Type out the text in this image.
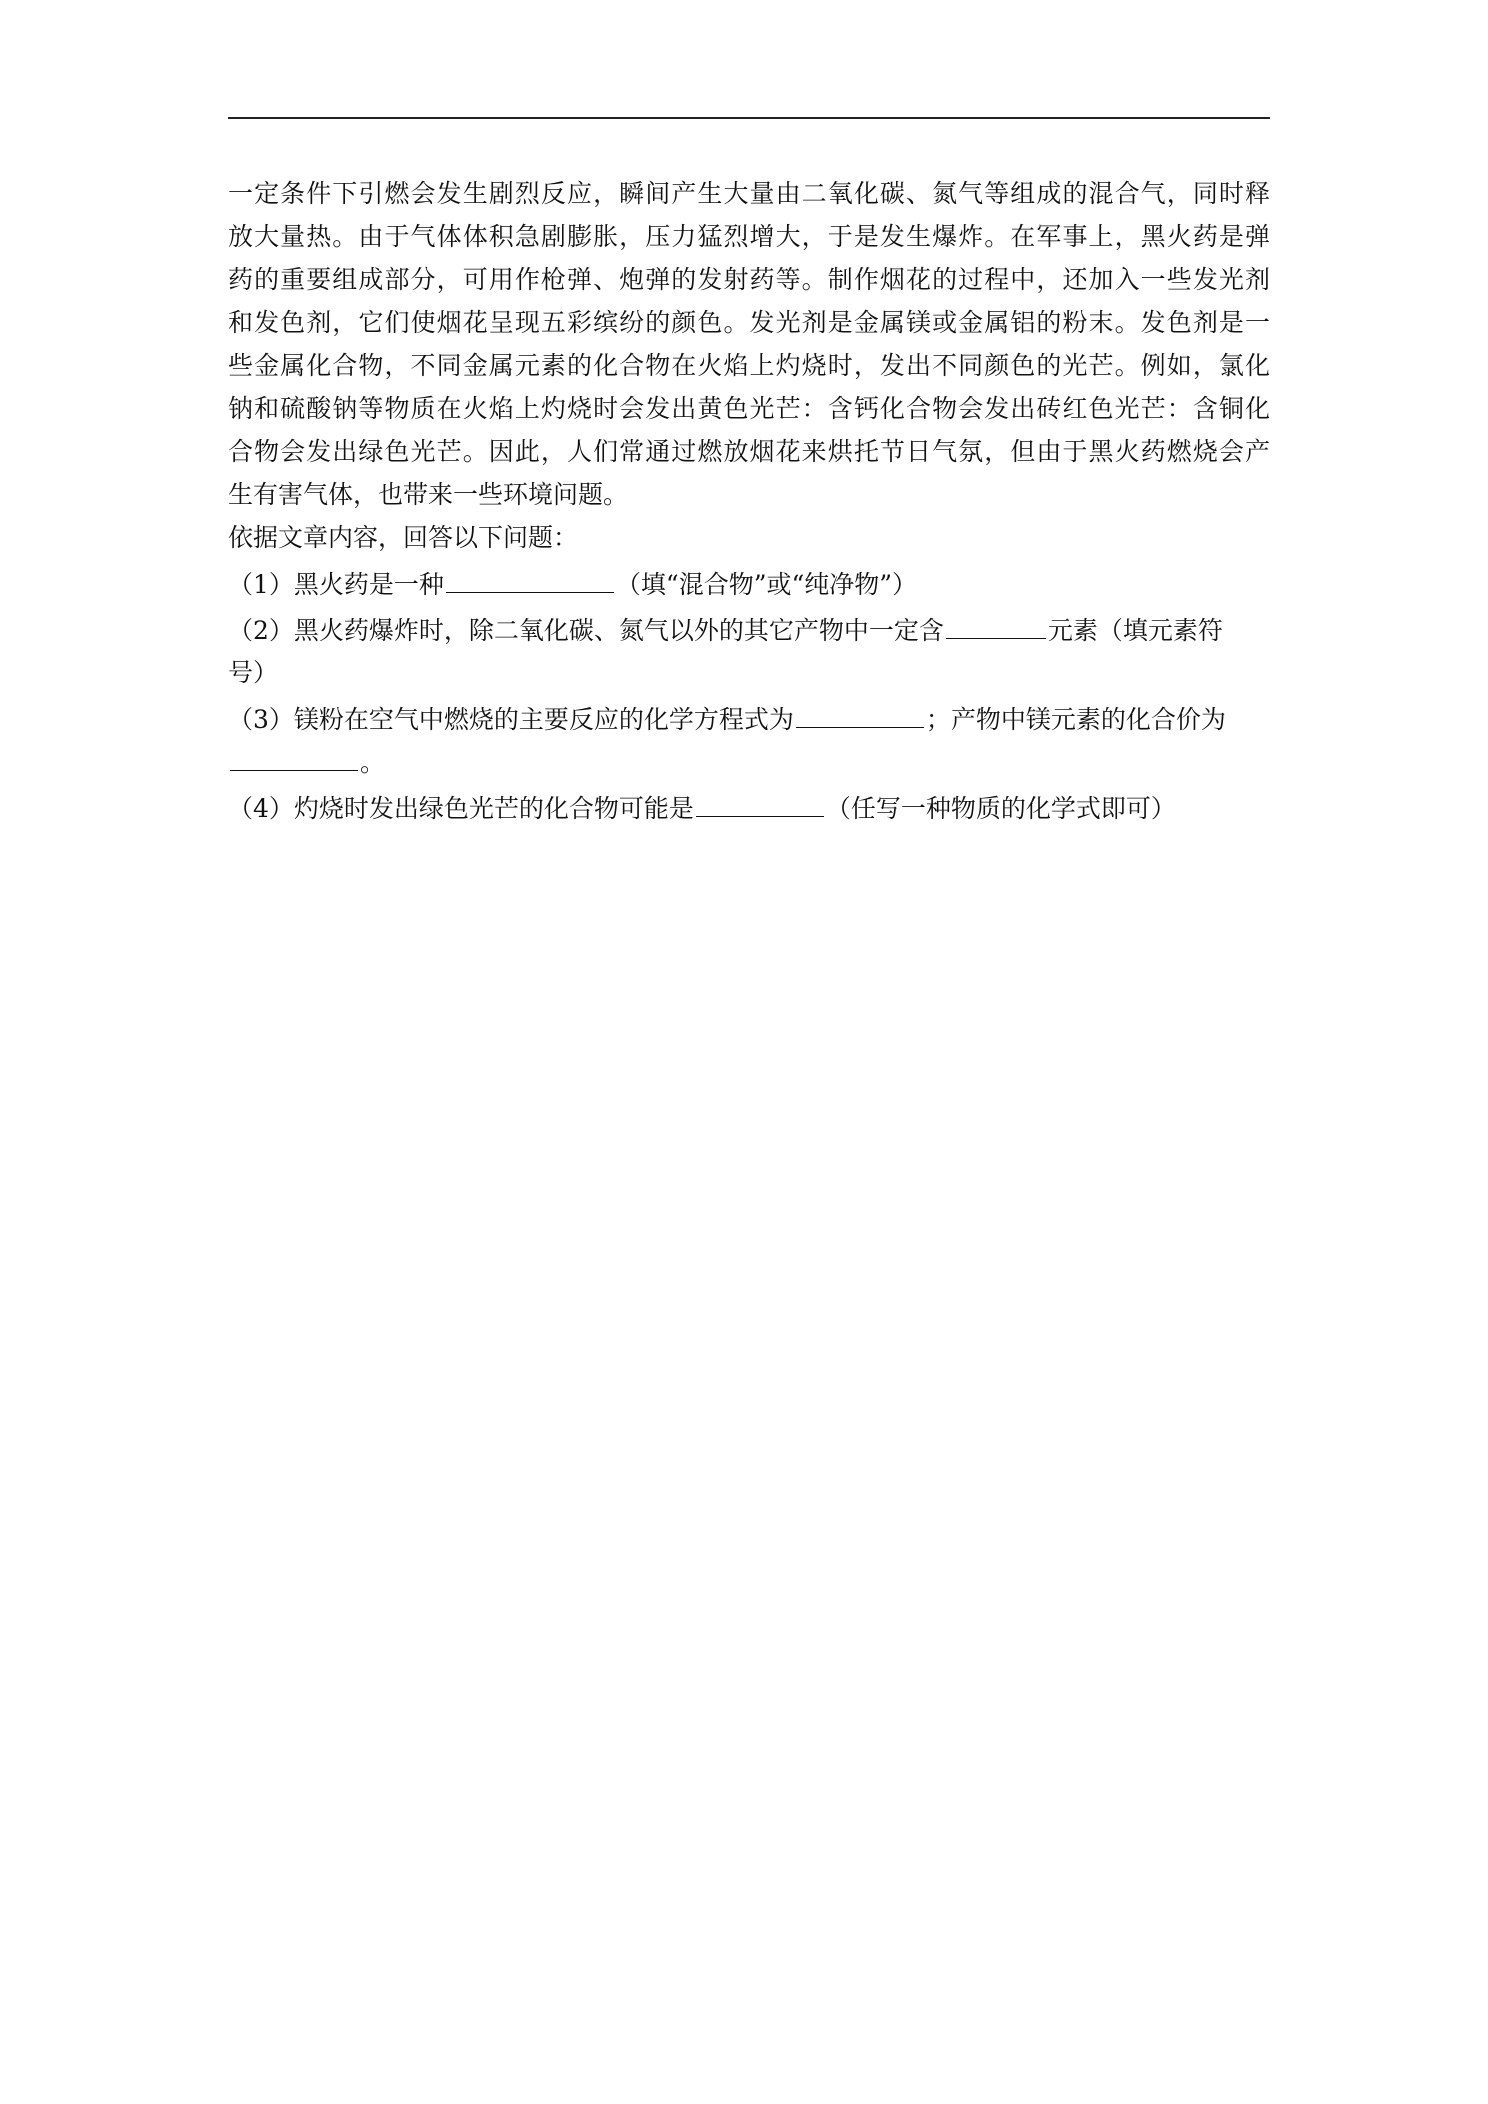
一定条件下引燃会发生剧烈反应，瞬间产生大量由二氧化碳、氮气等组成的混合气，同时释
放大量热。由于气体体积急剧膨胀，压力猛烈增大，于是发生爆炸。在军事上，黑火药是弹
药的重要组成部分，可用作枪弹、炮弹的发射药等。制作烟花的过程中，还加入一些发光剂
和发色剂，它们使烟花呈现五彩缤纷的颜色。发光剂是金属镁或金属铝的粉末。发色剂是一
些金属化合物，不同金属元素的化合物在火焰上灼烧时，发出不同颜色的光芒。例如，氯化
钠和硫酸钠等物质在火焰上灼烧时会发出黄色光芒：含钙化合物会发出砖红色光芒：含铜化
合物会发出绿色光芒。因此，人们常通过燃放烟花来烘托节日气氛，但由于黑火药燃烧会产
生有害气体，也带来一些环境问题。

依据文章内容，回答以下问题：

（1）黑火药是一种	（填“混合物”或“纯净物”）
（2）黑火药爆炸时，除二氧化碳、氮气以外的其它产物中一定含	元素（填元素符
号）
（3）镁粉在空气中燃烧的主要反应的化学方程式为	；产物中镁元素的化合价为
。
（4）灼烧时发出绿色光芒的化合物可能是	（任写一种物质的化学式即可）
